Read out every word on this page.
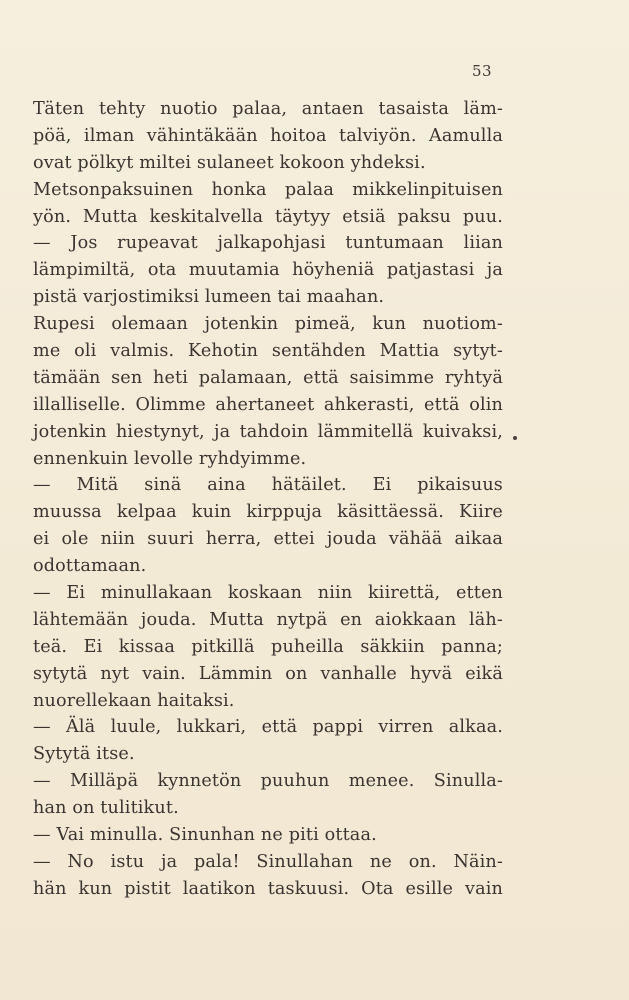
53
Täten tehty nuotio palaa, antaen tasaista läm-
pöä, ilman vähintäkään hoitoa talviyön. Aamulla
ovat pölkyt miltei sulaneet kokoon yhdeksi.
Metsonpaksuinen honka palaa mikkelinpituisen
yön. Mutta keskitalvella täytyy etsiä paksu puu.
— Jos rupeavat jalkapohjasi tuntumaan liian
lämpimiltä, ota muutamia höyheniä patjastasi ja
pistä varjostimiksi lumeen tai maahan.
Rupesi olemaan jotenkin pimeä, kun nuotiom-
me oli valmis. Kehotin sentähden Mattia sytyt-
tämään sen heti palamaan, että saisimme ryhtyä
illalliselle. Olimme ahertaneet ahkerasti, että olin
jotenkin hiestynyt, ja tahdoin lämmitellä kuivaksi,
ennenkuin levolle ryhdyimme.
— Mitä sinä aina hätäilet. Ei pikaisuus
muussa kelpaa kuin kirppuja käsittäessä. Kiire
ei ole niin suuri herra, ettei jouda vähää aikaa
odottamaan.
— Ei minullakaan koskaan niin kiirettä, etten
lähtemään jouda. Mutta nytpä en aiokkaan läh-
teä. Ei kissaa pitkillä puheilla säkkiin panna;
sytytä nyt vain. Lämmin on vanhalle hyvä eikä
nuorellekaan haitaksi.
— Älä luule, lukkari, että pappi virren alkaa.
Sytytä itse.
— Milläpä kynnetön puuhun menee. Sinulla-
han on tulitikut.
— Vai minulla. Sinunhan ne piti ottaa.
— No istu ja pala! Sinullahan ne on. Näin-
hän kun pistit laatikon taskuusi. Ota esille vain
